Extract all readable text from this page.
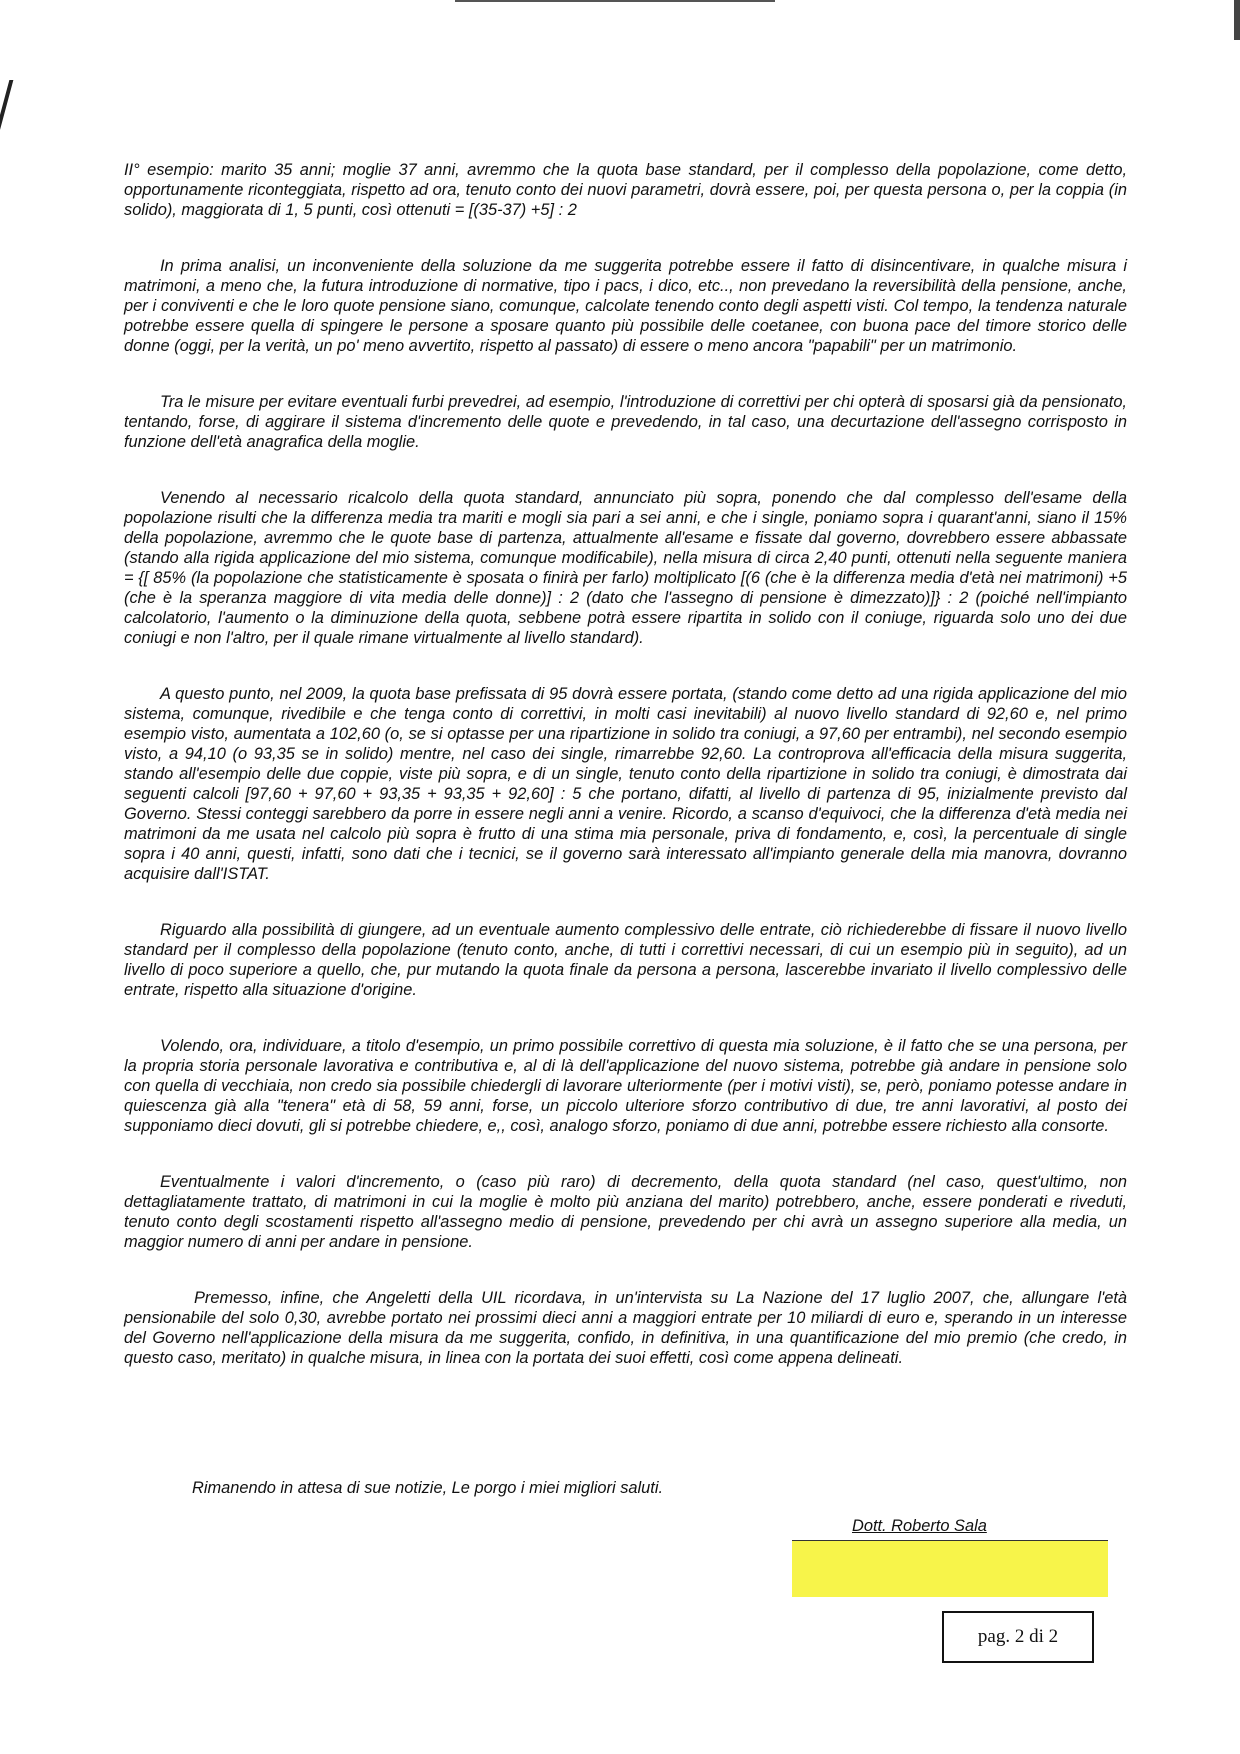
II° esempio: marito 35 anni; moglie 37 anni, avremmo che la quota base standard, per il complesso della popolazione, come detto, opportunamente riconteggiata, rispetto ad ora, tenuto conto dei nuovi parametri, dovrà essere, poi, per questa persona o, per la coppia (in solido), maggiorata di 1, 5 punti, così ottenuti = [(35-37) +5] : 2

In prima analisi, un inconveniente della soluzione da me suggerita potrebbe essere il fatto di disincentivare, in qualche misura i matrimoni, a meno che, la futura introduzione di normative, tipo i pacs, i dico, etc.., non prevedano la reversibilità della pensione, anche, per i conviventi e che le loro quote pensione siano, comunque, calcolate tenendo conto degli aspetti visti. Col tempo, la tendenza naturale potrebbe essere quella di spingere le persone a sposare quanto più possibile delle coetanee, con buona pace del timore storico delle donne (oggi, per la verità, un po' meno avvertito, rispetto al passato) di essere o meno ancora "papabili" per un matrimonio.

Tra le misure per evitare eventuali furbi prevedrei, ad esempio, l'introduzione di correttivi per chi opterà di sposarsi già da pensionato, tentando, forse, di aggirare il sistema d'incremento delle quote e prevedendo, in tal caso, una decurtazione dell'assegno corrisposto in funzione dell'età anagrafica della moglie.

Venendo al necessario ricalcolo della quota standard, annunciato più sopra, ponendo che dal complesso dell'esame della popolazione risulti che la differenza media tra mariti e mogli sia pari a sei anni, e che i single, poniamo sopra i quarant'anni, siano il 15% della popolazione, avremmo che le quote base di partenza, attualmente all'esame e fissate dal governo, dovrebbero essere abbassate (stando alla rigida applicazione del mio sistema, comunque modificabile), nella misura di circa 2,40 punti, ottenuti nella seguente maniera = {[ 85% (la popolazione che statisticamente è sposata o finirà per farlo) moltiplicato [(6 (che è la differenza media d'età nei matrimoni) +5 (che è la speranza maggiore di vita media delle donne)] : 2 (dato che l'assegno di pensione è dimezzato)]} : 2 (poiché nell'impianto calcolatorio, l'aumento o la diminuzione della quota, sebbene potrà essere ripartita in solido con il coniuge, riguarda solo uno dei due coniugi e non l'altro, per il quale rimane virtualmente al livello standard).

A questo punto, nel 2009, la quota base prefissata di 95 dovrà essere portata, (stando come detto ad una rigida applicazione del mio sistema, comunque, rivedibile e che tenga conto di correttivi, in molti casi inevitabili) al nuovo livello standard di 92,60 e, nel primo esempio visto, aumentata a 102,60 (o, se si optasse per una ripartizione in solido tra coniugi, a 97,60 per entrambi), nel secondo esempio visto, a 94,10 (o 93,35 se in solido) mentre, nel caso dei single, rimarrebbe 92,60. La controprova all'efficacia della misura suggerita, stando all'esempio delle due coppie, viste più sopra, e di un single, tenuto conto della ripartizione in solido tra coniugi, è dimostrata dai seguenti calcoli [97,60 + 97,60 + 93,35 + 93,35 + 92,60] : 5 che portano, difatti, al livello di partenza di 95, inizialmente previsto dal Governo. Stessi conteggi sarebbero da porre in essere negli anni a venire. Ricordo, a scanso d'equivoci, che la differenza d'età media nei matrimoni da me usata nel calcolo più sopra è frutto di una stima mia personale, priva di fondamento, e, così, la percentuale di single sopra i 40 anni, questi, infatti, sono dati che i tecnici, se il governo sarà interessato all'impianto generale della mia manovra, dovranno acquisire dall'ISTAT.

Riguardo alla possibilità di giungere, ad un eventuale aumento complessivo delle entrate, ciò richiederebbe di fissare il nuovo livello standard per il complesso della popolazione (tenuto conto, anche, di tutti i correttivi necessari, di cui un esempio più in seguito), ad un livello di poco superiore a quello, che, pur mutando la quota finale da persona a persona, lascerebbe invariato il livello complessivo delle entrate, rispetto alla situazione d'origine.

Volendo, ora, individuare, a titolo d'esempio, un primo possibile correttivo di questa mia soluzione, è il fatto che se una persona, per la propria storia personale lavorativa e contributiva e, al di là dell'applicazione del nuovo sistema, potrebbe già andare in pensione solo con quella di vecchiaia, non credo sia possibile chiedergli di lavorare ulteriormente (per i motivi visti), se, però, poniamo potesse andare in quiescenza già alla "tenera" età di 58, 59 anni, forse, un piccolo ulteriore sforzo contributivo di due, tre anni lavorativi, al posto dei supponiamo dieci dovuti, gli si potrebbe chiedere, e,, così, analogo sforzo, poniamo di due anni, potrebbe essere richiesto alla consorte.

Eventualmente i valori d'incremento, o (caso più raro) di decremento, della quota standard (nel caso, quest'ultimo, non dettagliatamente trattato, di matrimoni in cui la moglie è molto più anziana del marito) potrebbero, anche, essere ponderati e riveduti, tenuto conto degli scostamenti rispetto all'assegno medio di pensione, prevedendo per chi avrà un assegno superiore alla media, un maggior numero di anni per andare in pensione.

Premesso, infine, che Angeletti della UIL ricordava, in un'intervista su La Nazione del 17 luglio 2007, che, allungare l'età pensionabile del solo 0,30, avrebbe portato nei prossimi dieci anni a maggiori entrate per 10 miliardi di euro e, sperando in un interesse del Governo nell'applicazione della misura da me suggerita, confido, in definitiva, in una quantificazione del mio premio (che credo, in questo caso, meritato) in qualche misura, in linea con la portata dei suoi effetti, così come appena delineati.

Rimanendo in attesa di sue notizie, Le porgo i miei migliori saluti.
Dott. Roberto Sala
pag. 2 di 2
